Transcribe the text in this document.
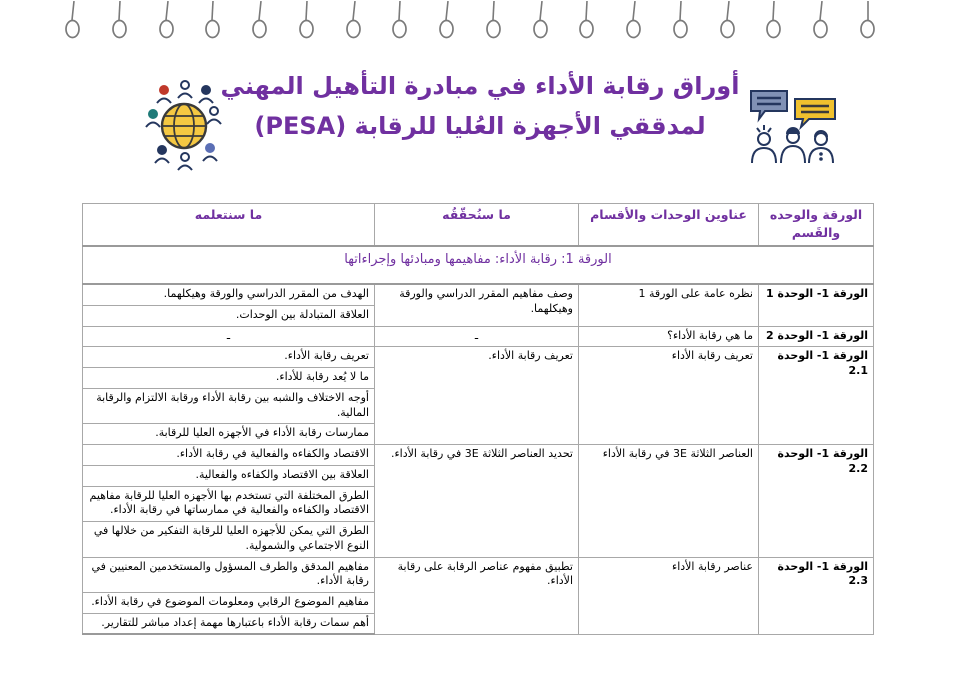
أوراق رقابة الأداء في مبادرة التأهيل المهني
لمدققي الأجهزة العُليا للرقابة (PESA)
الورقة والوحده والقَسم	عناوين الوحدات والأقسام	ما سنُحقّقُه	ما سنتعلمه
الورقة 1: رقابة الأداء: مفاهيمها ومبادئها وإجراءاتها			
الورقة 1- الوحدة 1	نظره عامة على الورقة 1	وصف مفاهيم المقرر الدراسي والورقة وهيكلهما.	الهدف من المقرر الدراسي والورقة وهيكلهما.
			العلاقة المتبادلة بين الوحدات.
الورقة 1- الوحدة 2	ما هي رقابة الأداء؟	ـ	ـ
الورقة 1- الوحدة 2.1	تعريف رقابة الأداء	تعريف رقابة الأداء.	تعريف رقابة الأداء.
			ما لا يُعد رقابة للأداء.
			أوجه الاختلاف والشبه بين رقابة الأداء ورقابة الالتزام والرقابة المالية.
			ممارسات رقابة الأداء في الأجهزه العليا للرقابة.
الورقة 1- الوحدة 2.2	العناصر الثلاثة 3E في رقابة الأداء	تحديد العناصر الثلاثة 3E في رقابة الأداء.	الاقتصاد والكفاءه والفعالية في رقابة الأداء.
			العلاقة بين الاقتصاد والكفاءه والفعالية.
			الطرق المختلفة التي تستخدم بها الأجهزه العليا للرقابة مفاهيم الاقتصاد والكفاءه والفعالية في ممارساتها في رقابة الأداء.
			الطرق التي يمكن للأجهزه العليا للرقابة التفكير من خلالها في النوع الاجتماعي والشمولية.
الورقة 1- الوحدة 2.3	عناصر رقابة الأداء	تطبيق مفهوم عناصر الرقابة على رقابة الأداء.	مفاهيم المدقق والطرف المسؤول والمستخدمين المعنيين في رقابة الأداء.
			مفاهيم الموضوع الرقابي ومعلومات الموضوع في رقابة الأداء.
			أهم سمات رقابة الأداء باعتبارها مهمة إعداد مباشر للتقارير.
